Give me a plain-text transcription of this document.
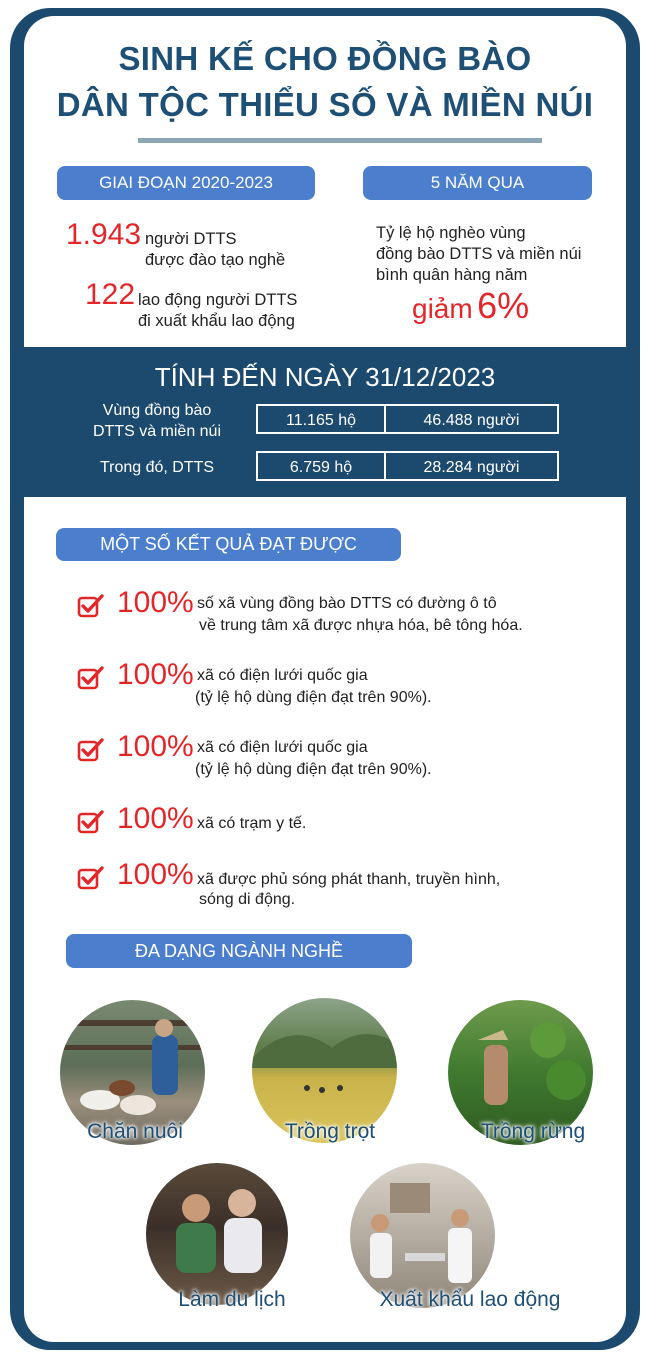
SINH KẾ CHO ĐỒNG BÀO
DÂN TỘC THIỂU SỐ VÀ MIỀN NÚI
GIAI ĐOẠN 2020-2023
1.943 người DTTS
được đào tạo nghề
122 lao động người DTTS
đi xuất khẩu lao động
5 NĂM QUA
Tỷ lệ hộ nghèo vùng
đồng bào DTTS và miền núi
bình quân hàng năm
giảm 6%
TÍNH ĐẾN NGÀY 31/12/2023
Vùng đồng bào
DTTS và miền núi
11.165 hộ	46.488 người
Trong đó, DTTS	6.759 hộ	28.284 người
MỘT SỐ KẾT QUẢ ĐẠT ĐƯỢC
100% số xã vùng đồng bào DTTS có đường ô tô
về trung tâm xã được nhựa hóa, bê tông hóa.
100% xã có điện lưới quốc gia
(tỷ lệ hộ dùng điện đạt trên 90%).
100% xã có điện lưới quốc gia
(tỷ lệ hộ dùng điện đạt trên 90%).
100% xã có trạm y tế.
100% xã được phủ sóng phát thanh, truyền hình,
sóng di động.
ĐA DẠNG NGÀNH NGHỀ
Chăn nuôi	Trồng trọt	Trồng rừng
Làm du lịch	Xuất khẩu lao động
